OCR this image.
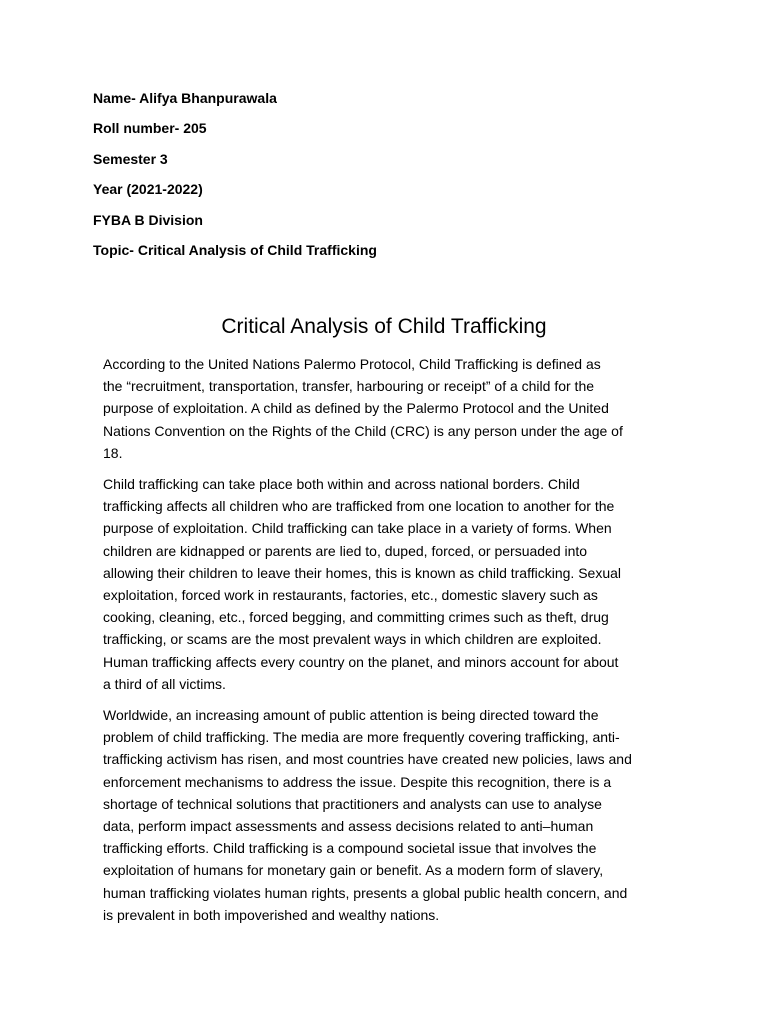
Name- Alifya Bhanpurawala
Roll number- 205
Semester 3
Year (2021-2022)
FYBA B Division
Topic- Critical Analysis of Child Trafficking
Critical Analysis of Child Trafficking
According to the United Nations Palermo Protocol, Child Trafficking is defined as
the “recruitment, transportation, transfer, harbouring or receipt” of a child for the
purpose of exploitation. A child as defined by the Palermo Protocol and the United
Nations Convention on the Rights of the Child (CRC) is any person under the age of
18.
Child trafficking can take place both within and across national borders. Child
trafficking affects all children who are trafficked from one location to another for the
purpose of exploitation. Child trafficking can take place in a variety of forms. When
children are kidnapped or parents are lied to, duped, forced, or persuaded into
allowing their children to leave their homes, this is known as child trafficking. Sexual
exploitation, forced work in restaurants, factories, etc., domestic slavery such as
cooking, cleaning, etc., forced begging, and committing crimes such as theft, drug
trafficking, or scams are the most prevalent ways in which children are exploited.
Human trafficking affects every country on the planet, and minors account for about
a third of all victims.
Worldwide, an increasing amount of public attention is being directed toward the
problem of child trafficking. The media are more frequently covering trafficking, anti-
trafficking activism has risen, and most countries have created new policies, laws and
enforcement mechanisms to address the issue. Despite this recognition, there is a
shortage of technical solutions that practitioners and analysts can use to analyse
data, perform impact assessments and assess decisions related to anti–human
trafficking efforts. Child trafficking is a compound societal issue that involves the
exploitation of humans for monetary gain or benefit. As a modern form of slavery,
human trafficking violates human rights, presents a global public health concern, and
is prevalent in both impoverished and wealthy nations.
